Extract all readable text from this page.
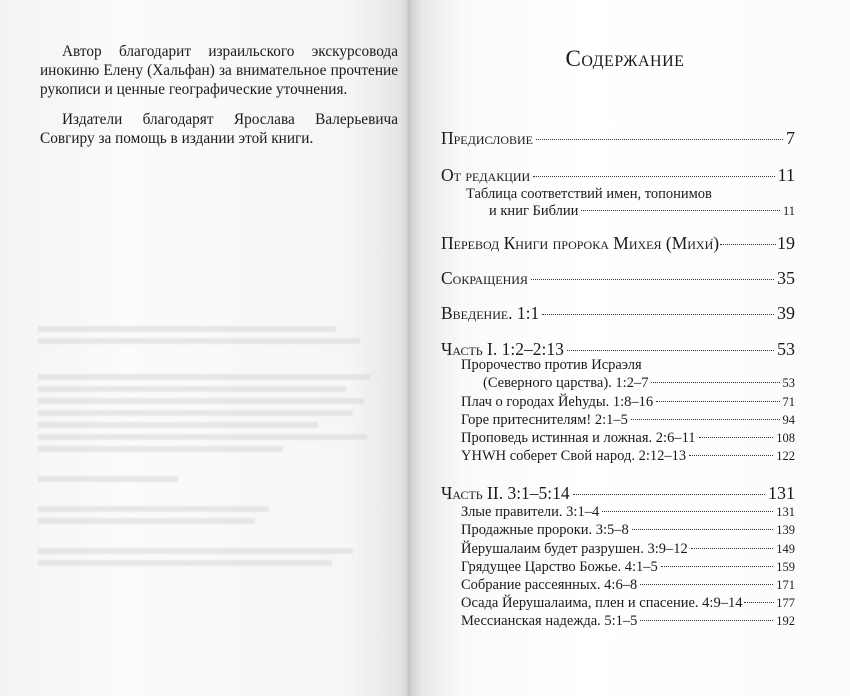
Автор благодарит израильского экскурсовода инокиню Елену (Хальфан) за внимательное прочтение рукописи и ценные географические уточнения.
Издатели благодарят Ярослава Валерьевича Совгиру за помощь в издании этой книги.
Содержание
Предисловие	7
От редакции	11
Таблица соответствий имен, топонимов
и книг Библии	11
Перевод Книги пророка Михея (Михи́)	19
Сокращения	35
Введение. 1:1	39
Часть I. 1:2–2:13	53
Пророчество против Исраэля
(Северного царства). 1:2–7	53
Плач о городах Йеhуды. 1:8–16	71
Горе притеснителям! 2:1–5	94
Проповедь истинная и ложная. 2:6–11	108
YHWH соберет Свой народ. 2:12–13	122
Часть II. 3:1–5:14	131
Злые правители. 3:1–4	131
Продажные пророки. 3:5–8	139
Йерушалаим будет разрушен. 3:9–12	149
Грядущее Царство Божье. 4:1–5	159
Собрание рассеянных. 4:6–8	171
Осада Йерушалаима, плен и спасение. 4:9–14	177
Мессианская надежда. 5:1–5	192
